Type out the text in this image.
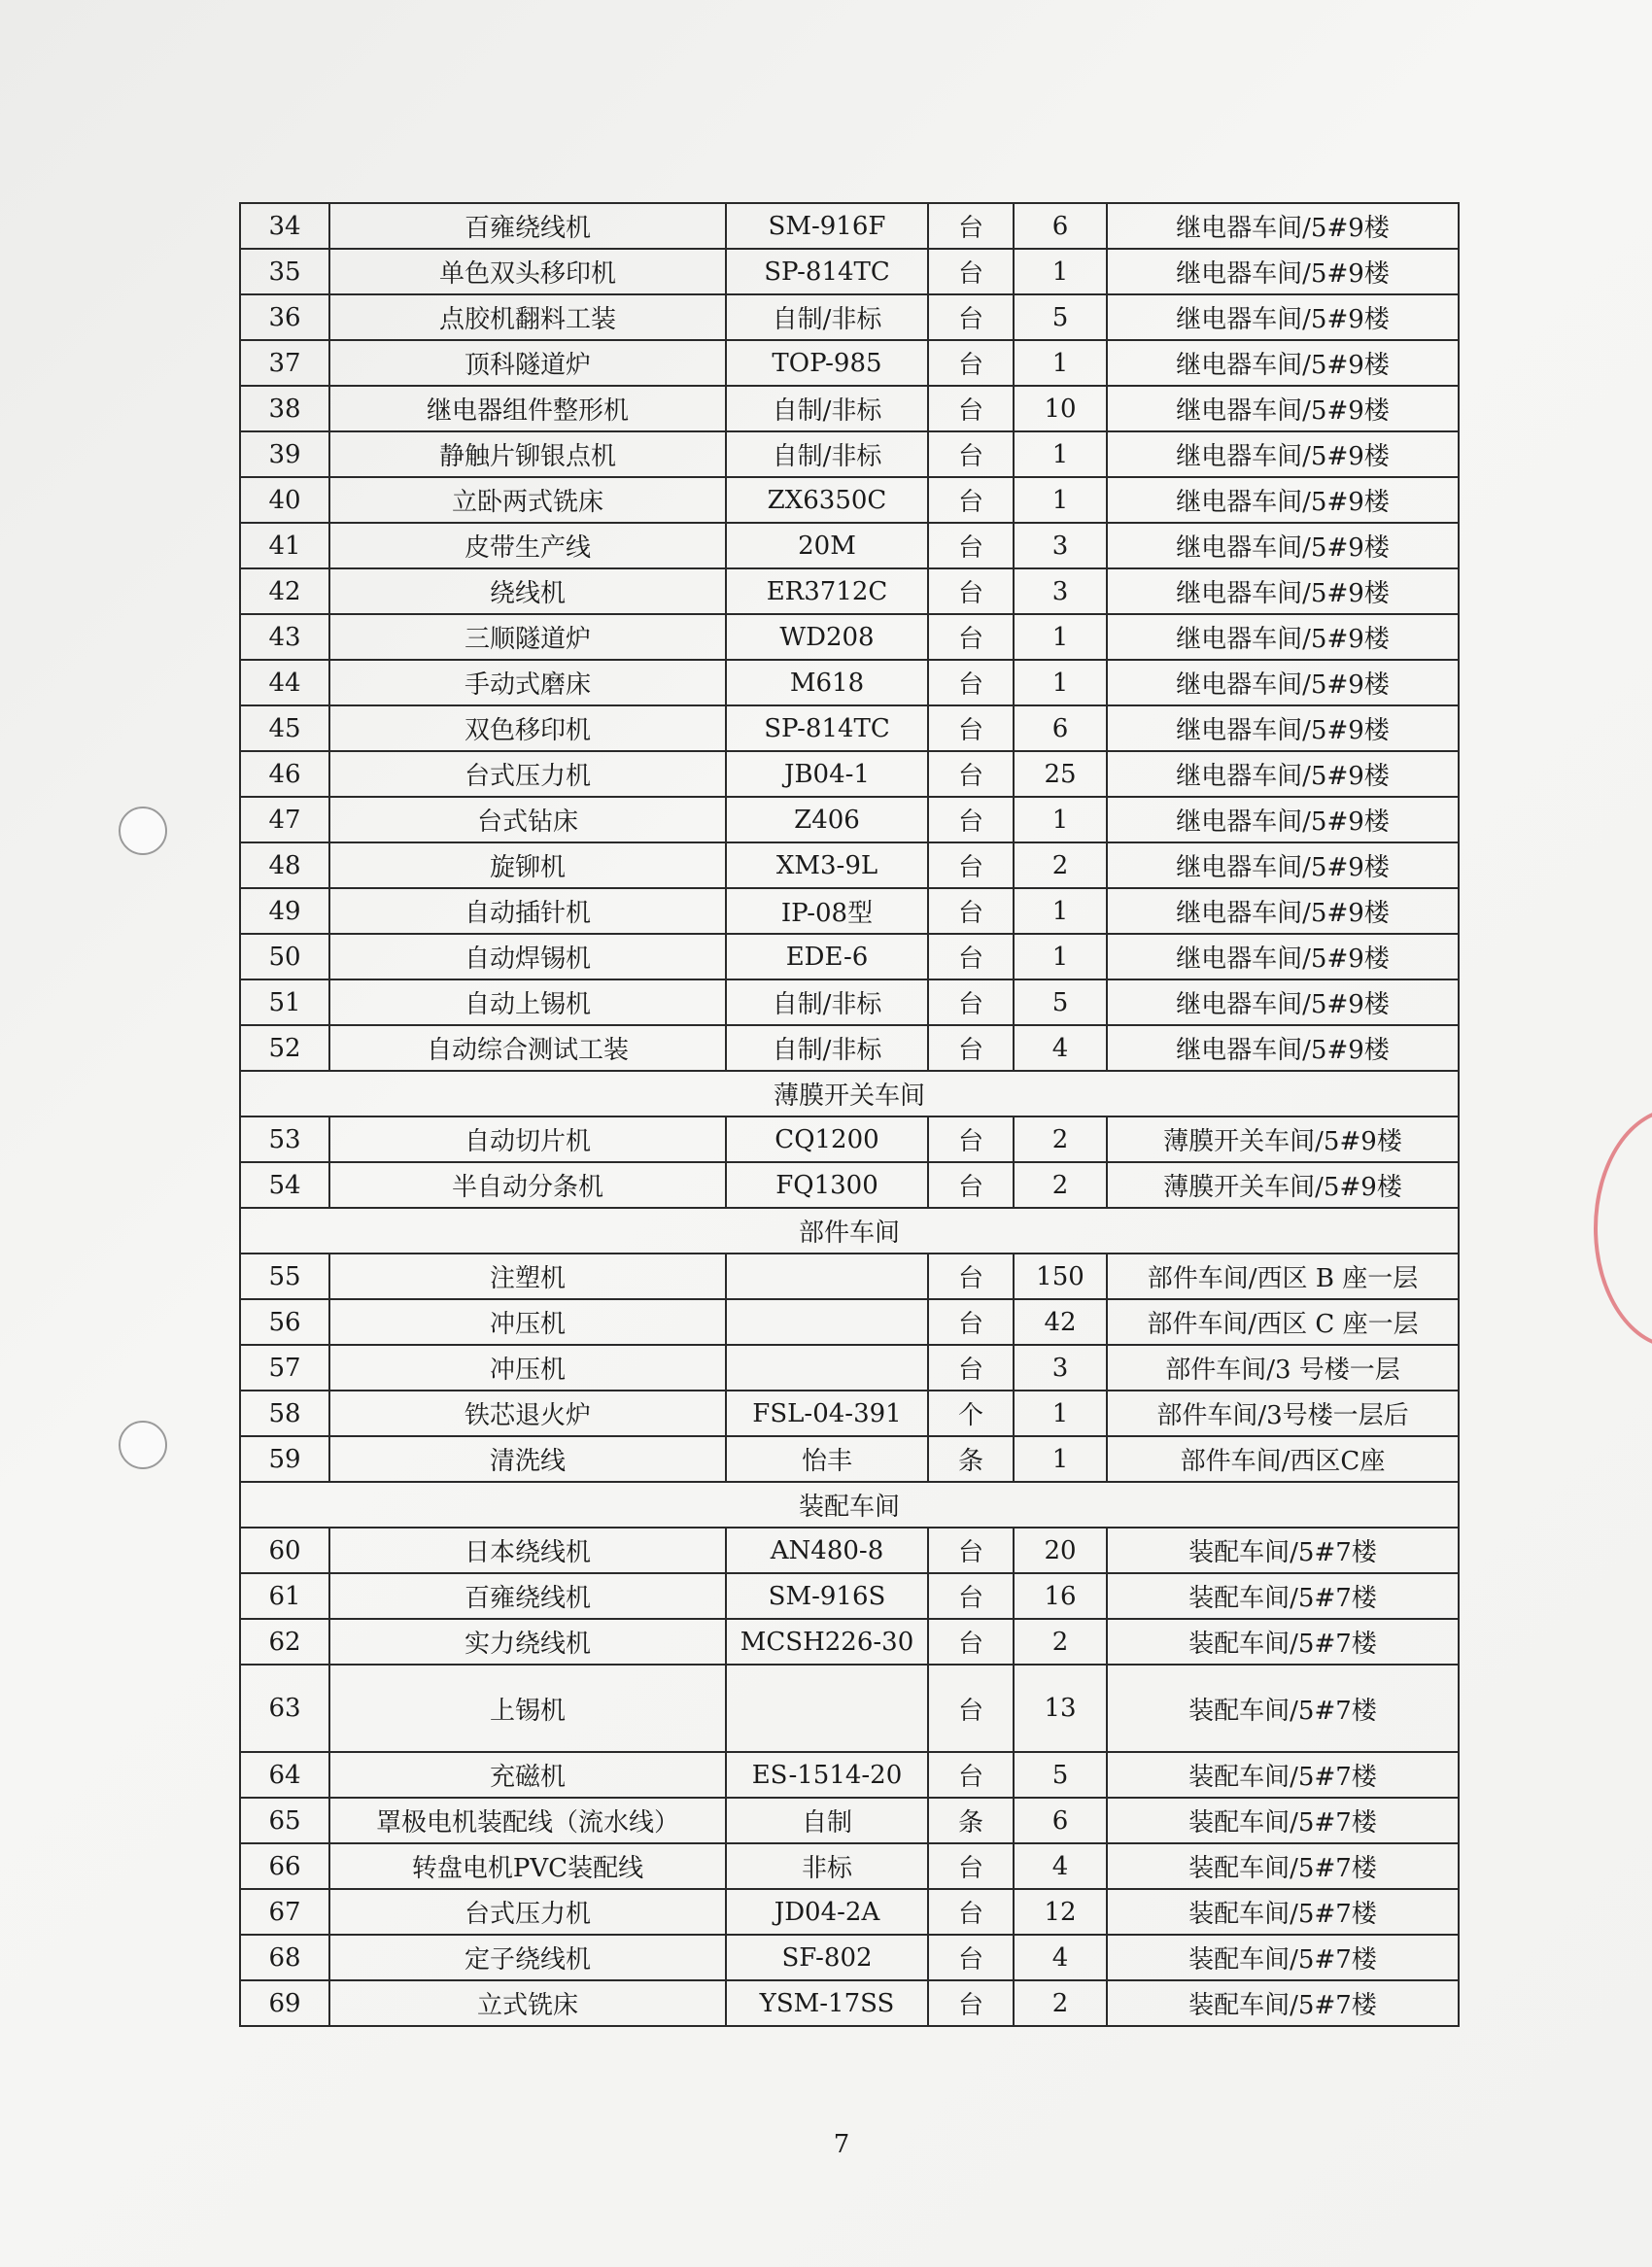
34	百雍绕线机	SM-916F	台	6	继电器车间/5#9楼
35	单色双头移印机	SP-814TC	台	1	继电器车间/5#9楼
36	点胶机翻料工装	自制/非标	台	5	继电器车间/5#9楼
37	顶科隧道炉	TOP-985	台	1	继电器车间/5#9楼
38	继电器组件整形机	自制/非标	台	10	继电器车间/5#9楼
39	静触片铆银点机	自制/非标	台	1	继电器车间/5#9楼
40	立卧两式铣床	ZX6350C	台	1	继电器车间/5#9楼
41	皮带生产线	20M	台	3	继电器车间/5#9楼
42	绕线机	ER3712C	台	3	继电器车间/5#9楼
43	三顺隧道炉	WD208	台	1	继电器车间/5#9楼
44	手动式磨床	M618	台	1	继电器车间/5#9楼
45	双色移印机	SP-814TC	台	6	继电器车间/5#9楼
46	台式压力机	JB04-1	台	25	继电器车间/5#9楼
47	台式钻床	Z406	台	1	继电器车间/5#9楼
48	旋铆机	XM3-9L	台	2	继电器车间/5#9楼
49	自动插针机	IP-08型	台	1	继电器车间/5#9楼
50	自动焊锡机	EDE-6	台	1	继电器车间/5#9楼
51	自动上锡机	自制/非标	台	5	继电器车间/5#9楼
52	自动综合测试工装	自制/非标	台	4	继电器车间/5#9楼
薄膜开关车间					
53	自动切片机	CQ1200	台	2	薄膜开关车间/5#9楼
54	半自动分条机	FQ1300	台	2	薄膜开关车间/5#9楼
部件车间					
55	注塑机		台	150	部件车间/西区 B 座一层
56	冲压机		台	42	部件车间/西区 C 座一层
57	冲压机		台	3	部件车间/3 号楼一层
58	铁芯退火炉	FSL-04-391	个	1	部件车间/3号楼一层后
59	清洗线	怡丰	条	1	部件车间/西区C座
装配车间					
60	日本绕线机	AN480-8	台	20	装配车间/5#7楼
61	百雍绕线机	SM-916S	台	16	装配车间/5#7楼
62	实力绕线机	MCSH226-30	台	2	装配车间/5#7楼
63	上锡机		台	13	装配车间/5#7楼
64	充磁机	ES-1514-20	台	5	装配车间/5#7楼
65	罩极电机装配线（流水线）	自制	条	6	装配车间/5#7楼
66	转盘电机PVC装配线	非标	台	4	装配车间/5#7楼
67	台式压力机	JD04-2A	台	12	装配车间/5#7楼
68	定子绕线机	SF-802	台	4	装配车间/5#7楼
69	立式铣床	YSM-17SS	台	2	装配车间/5#7楼
7
